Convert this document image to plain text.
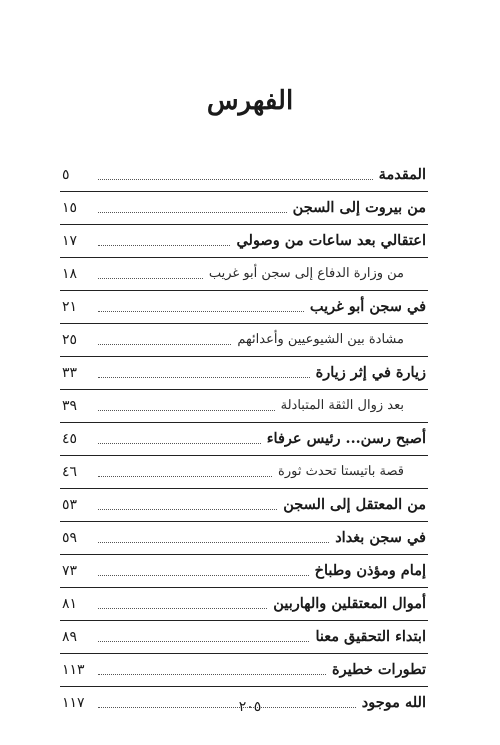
الفهرس
المقدمة
٥
من بيروت إلى السجن
١٥
اعتقالي بعد ساعات من وصولي
١٧
من وزارة الدفاع إلى سجن أبو غريب
١٨
في سجن أبو غريب
٢١
مشادة بين الشيوعيين وأعدائهم
٢٥
زيارة في إثر زيارة
٣٣
بعد زوال الثقة المتبادلة
٣٩
أصبح رسن... رئيس عرفاء
٤٥
قصة باتيستا تحدث ثورة
٤٦
من المعتقل إلى السجن
٥٣
في سجن بغداد
٥٩
إمام ومؤذن وطباخ
٧٣
أموال المعتقلين والهاربين
٨١
ابتداء التحقيق معنا
٨٩
تطورات خطيرة
١١٣
الله موجود
١١٧	٢٠٥
